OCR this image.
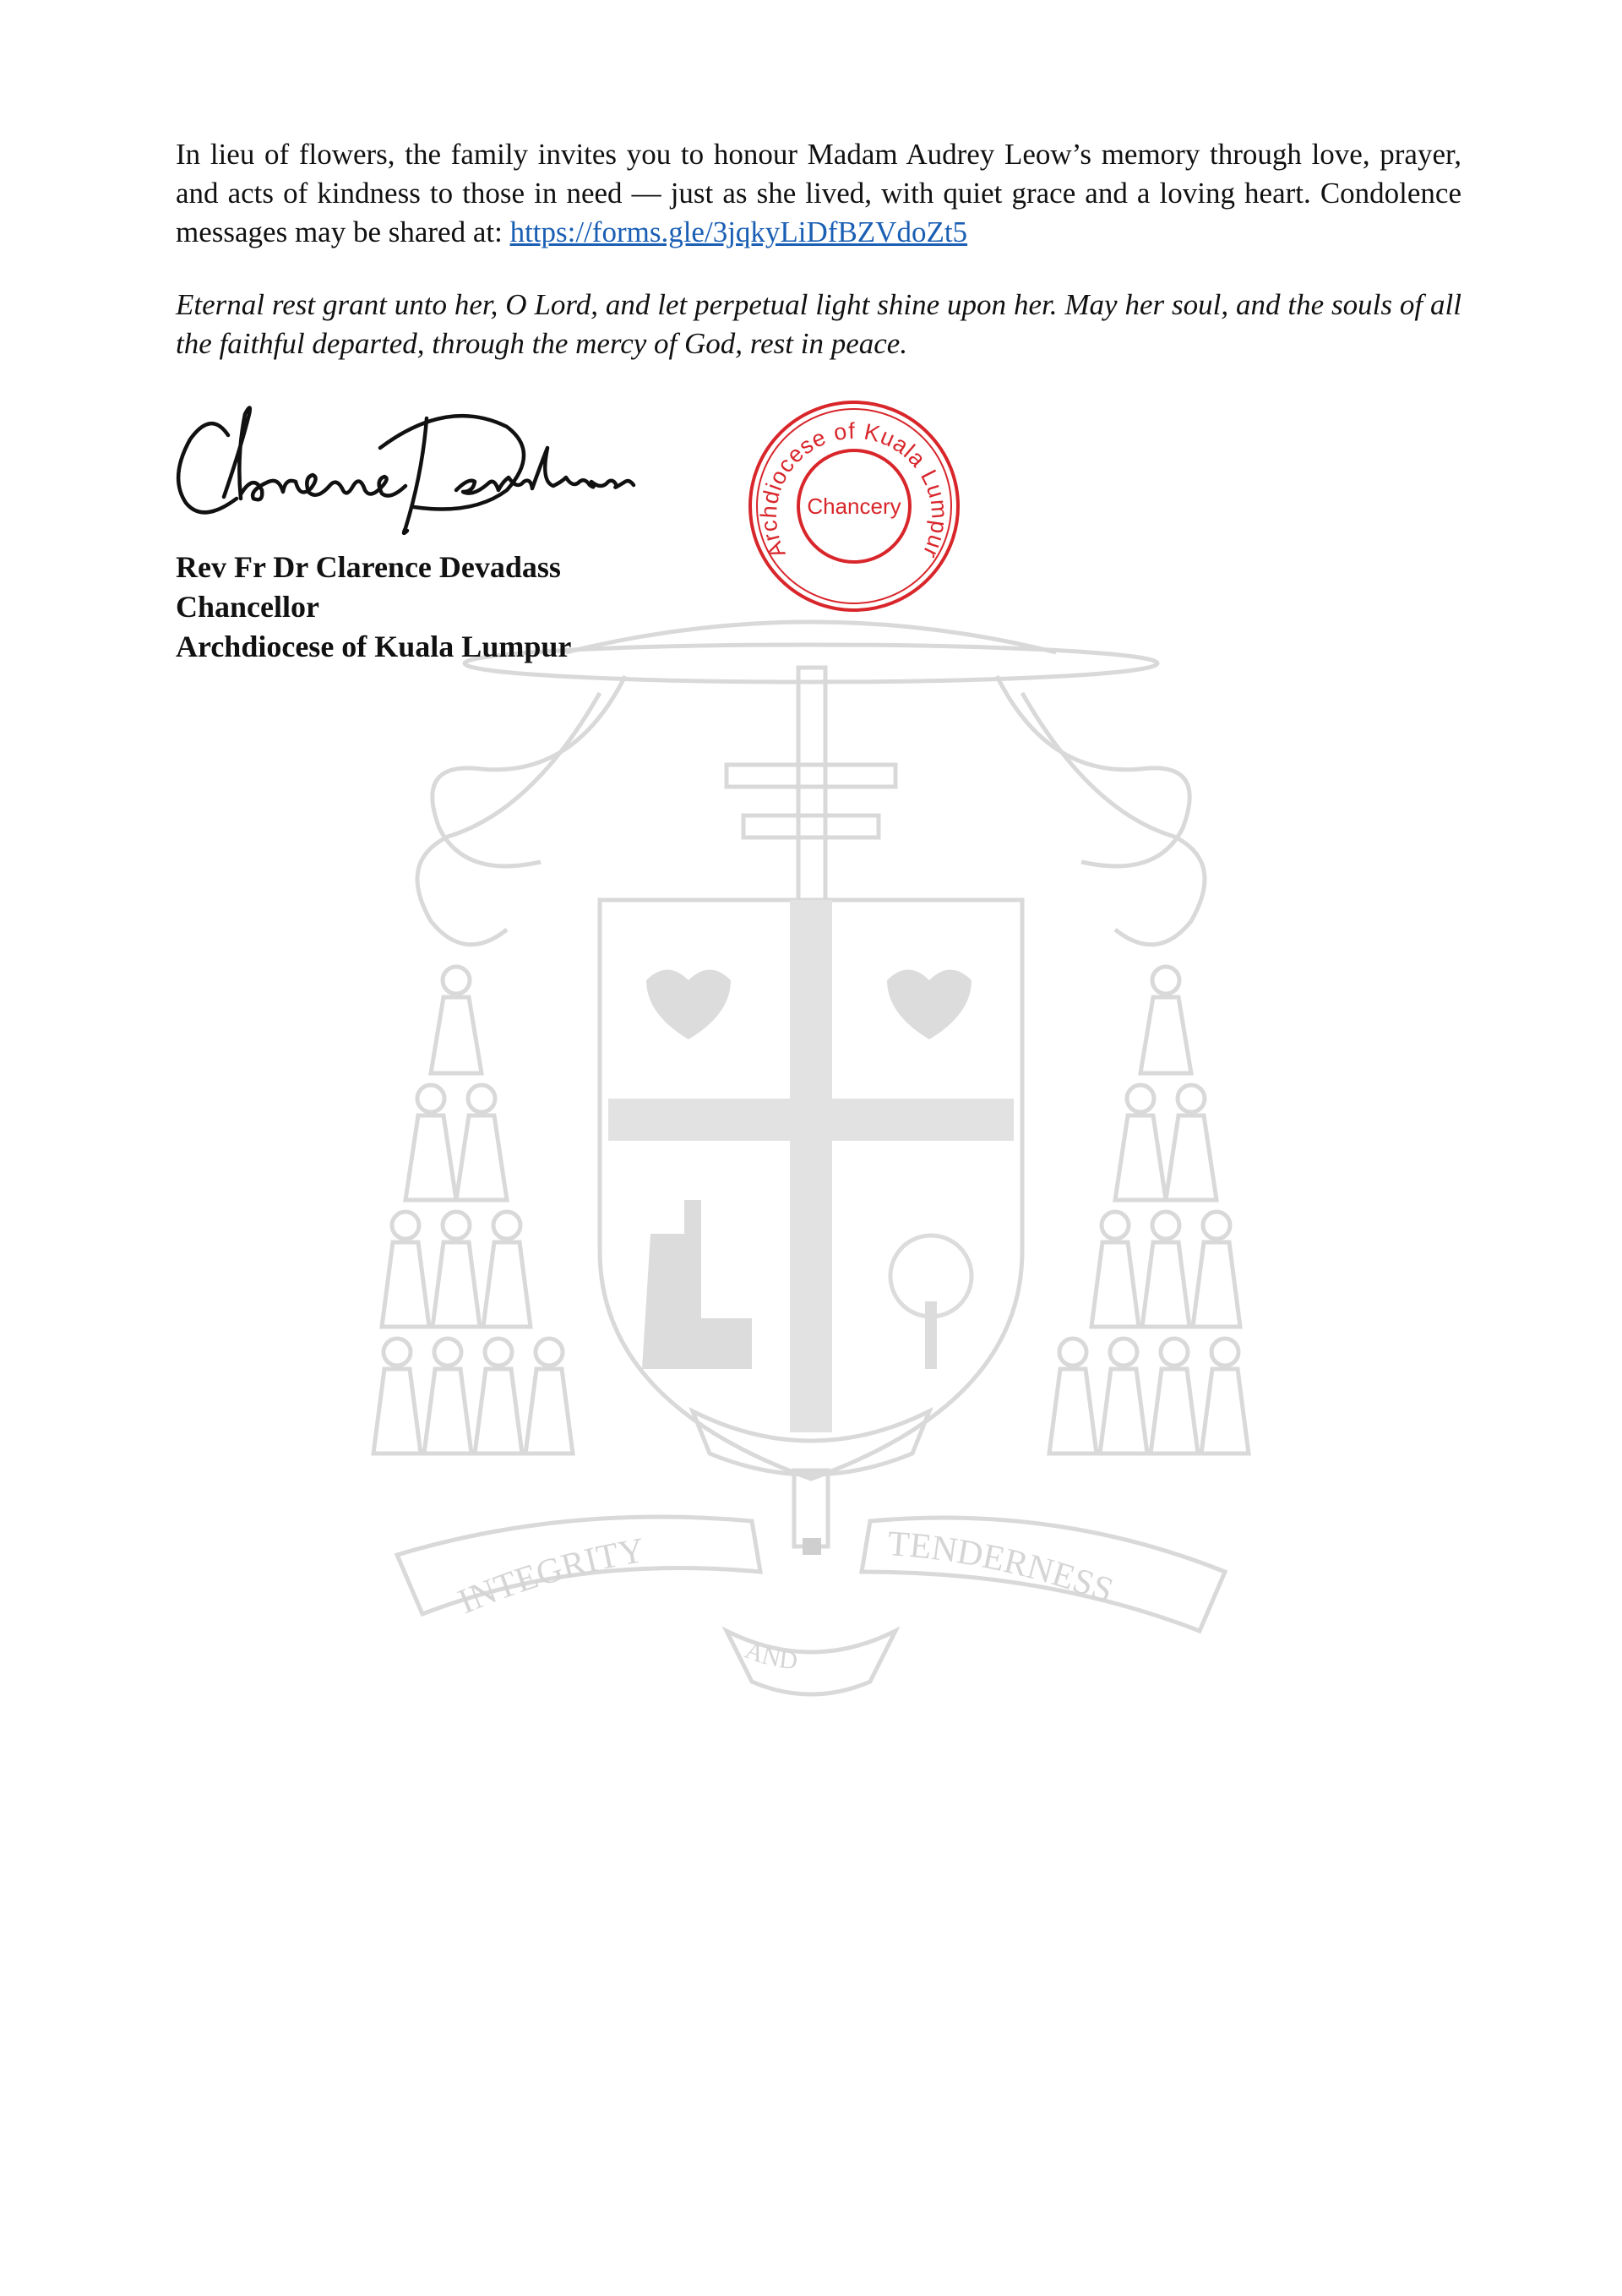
INTEGRITY	TENDERNESS
AND
In lieu of flowers, the family invites you to honour Madam Audrey Leow’s memory through love, prayer, and acts of kindness to those in need — just as she lived, with quiet grace and a loving heart. Condolence messages may be shared at: https://forms.gle/3jqkyLiDfBZVdoZt5
Eternal rest grant unto her, O Lord, and let perpetual light shine upon her. May her soul, and the souls of all the faithful departed, through the mercy of God, rest in peace.
Archdiocese of Kuala Lumpur
Chancery
Rev Fr Dr Clarence Devadass
Chancellor
Archdiocese of Kuala Lumpur
